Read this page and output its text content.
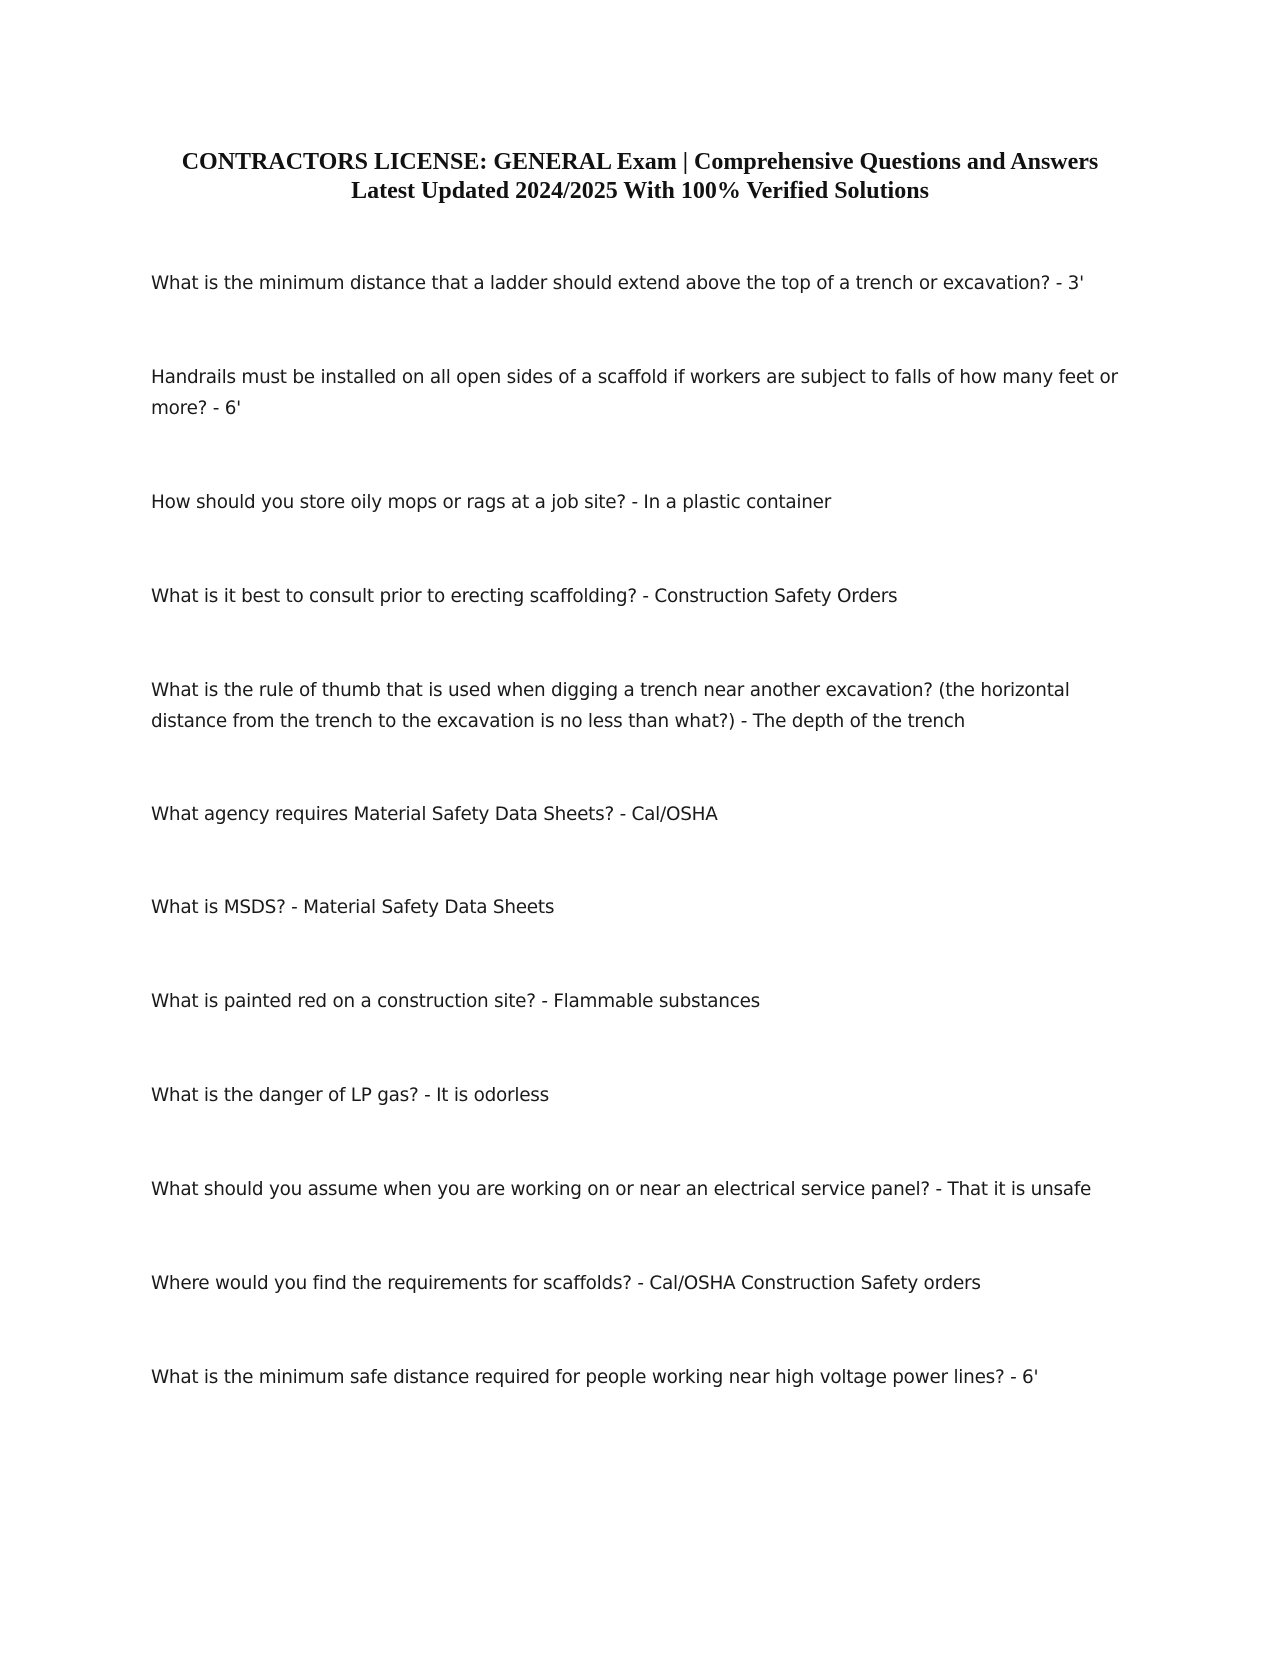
CONTRACTORS LICENSE: GENERAL Exam | Comprehensive Questions and Answers
Latest Updated 2024/2025 With 100% Verified Solutions
What is the minimum distance that a ladder should extend above the top of a trench or excavation? - 3'
Handrails must be installed on all open sides of a scaffold if workers are subject to falls of how many feet or more? - 6'
How should you store oily mops or rags at a job site? - In a plastic container
What is it best to consult prior to erecting scaffolding? - Construction Safety Orders
What is the rule of thumb that is used when digging a trench near another excavation? (the horizontal distance from the trench to the excavation is no less than what?) - The depth of the trench
What agency requires Material Safety Data Sheets? - Cal/OSHA
What is MSDS? - Material Safety Data Sheets
What is painted red on a construction site? - Flammable substances
What is the danger of LP gas? - It is odorless
What should you assume when you are working on or near an electrical service panel? - That it is unsafe
Where would you find the requirements for scaffolds? - Cal/OSHA Construction Safety orders
What is the minimum safe distance required for people working near high voltage power lines? - 6'
